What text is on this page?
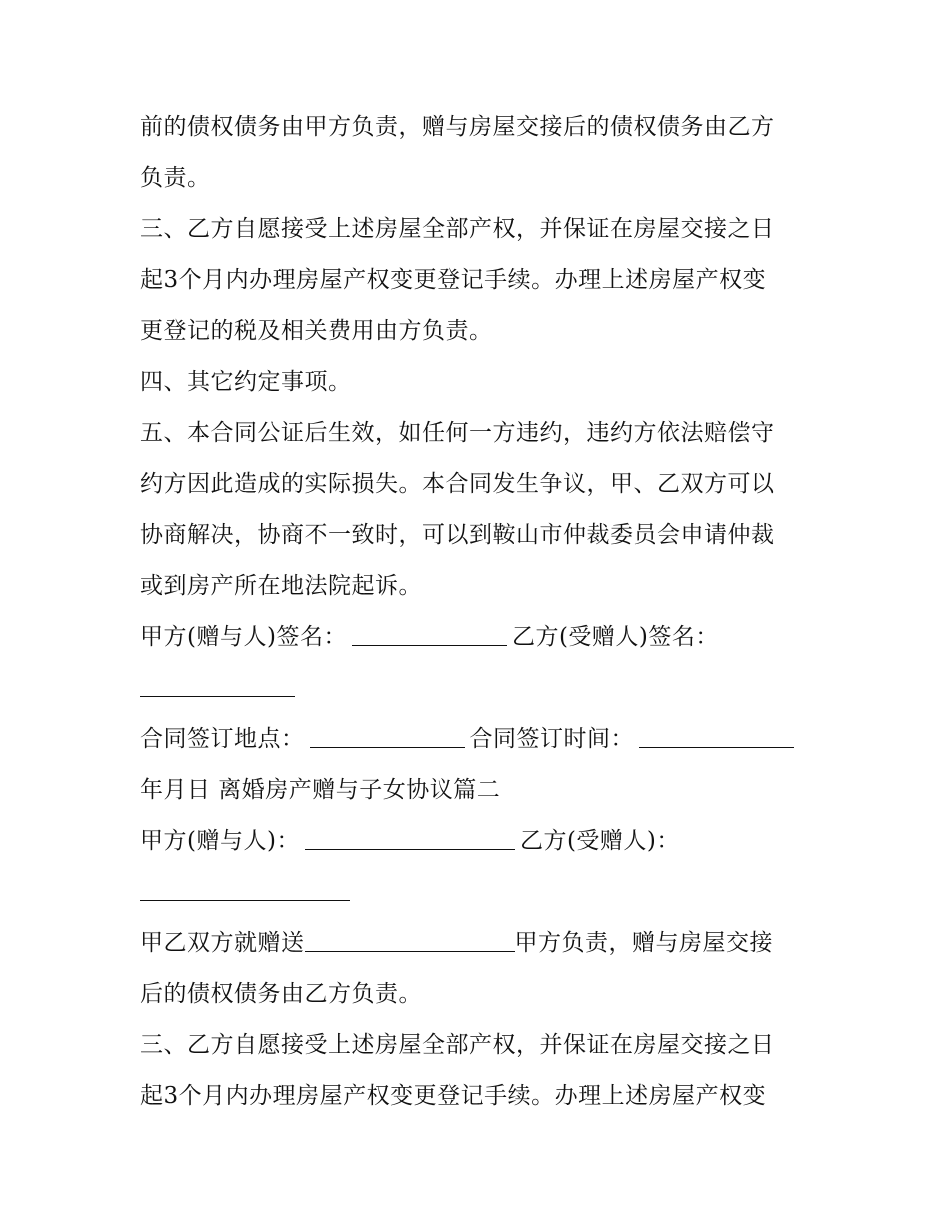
前的债权债务由甲方负责，赠与房屋交接后的债权债务由乙方
负责。
三、乙方自愿接受上述房屋全部产权，并保证在房屋交接之日
起3个月内办理房屋产权变更登记手续。办理上述房屋产权变
更登记的税及相关费用由方负责。
四、其它约定事项。
五、本合同公证后生效，如任何一方违约，违约方依法赔偿守
约方因此造成的实际损失。本合同发生争议，甲、乙双方可以
协商解决，协商不一致时，可以到鞍山市仲裁委员会申请仲裁
或到房产所在地法院起诉。
甲方(赠与人)签名：	乙方(受赠人)签名：
合同签订地点：	合同签订时间：
年月日 离婚房产赠与子女协议篇二
甲方(赠与人)：	乙方(受赠人)：
甲乙双方就赠送	甲方负责，赠与房屋交接
后的债权债务由乙方负责。
三、乙方自愿接受上述房屋全部产权，并保证在房屋交接之日
起3个月内办理房屋产权变更登记手续。办理上述房屋产权变
